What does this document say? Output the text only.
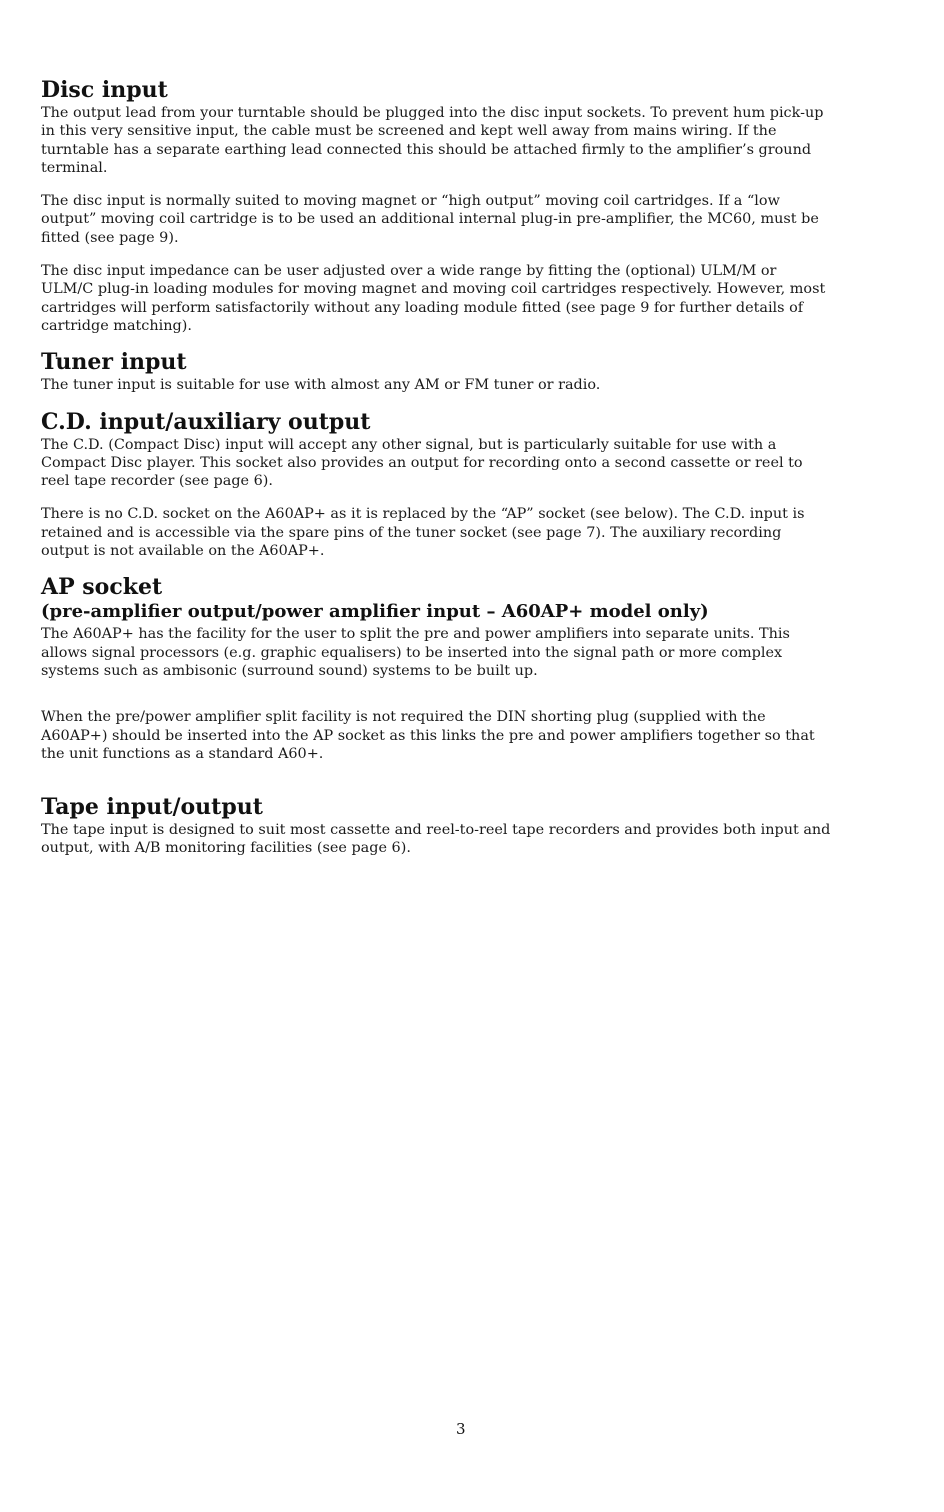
Disc input

The output lead from your turntable should be plugged into the disc input sockets. To prevent hum pick-up in this very sensitive input, the cable must be screened and kept well away from mains wiring. If the turntable has a separate earthing lead connected this should be attached firmly to the amplifier’s ground terminal.

The disc input is normally suited to moving magnet or “high output” moving coil cartridges. If a “low output” moving coil cartridge is to be used an additional internal plug-in pre-amplifier, the MC60, must be fitted (see page 9).

The disc input impedance can be user adjusted over a wide range by fitting the (optional) ULM/M or ULM/C plug-in loading modules for moving magnet and moving coil cartridges respectively. However, most cartridges will perform satisfactorily without any loading module fitted (see page 9 for further details of cartridge matching).

Tuner input

The tuner input is suitable for use with almost any AM or FM tuner or radio.

C.D. input/auxiliary output

The C.D. (Compact Disc) input will accept any other signal, but is particularly suitable for use with a Compact Disc player. This socket also provides an output for recording onto a second cassette or reel to reel tape recorder (see page 6).

There is no C.D. socket on the A60AP+ as it is replaced by the “AP” socket (see below). The C.D. input is retained and is accessible via the spare pins of the tuner socket (see page 7). The auxiliary recording output is not available on the A60AP+.

AP socket
(pre-amplifier output/power amplifier input – A60AP+ model only)

The A60AP+ has the facility for the user to split the pre and power amplifiers into separate units. This allows signal processors (e.g. graphic equalisers) to be inserted into the signal path or more complex systems such as ambisonic (surround sound) systems to be built up.

When the pre/power amplifier split facility is not required the DIN shorting plug (supplied with the A60AP+) should be inserted into the AP socket as this links the pre and power amplifiers together so that the unit functions as a standard A60+.

Tape input/output

The tape input is designed to suit most cassette and reel-to-reel tape recorders and provides both input and output, with A/B monitoring facilities (see page 6).

3
